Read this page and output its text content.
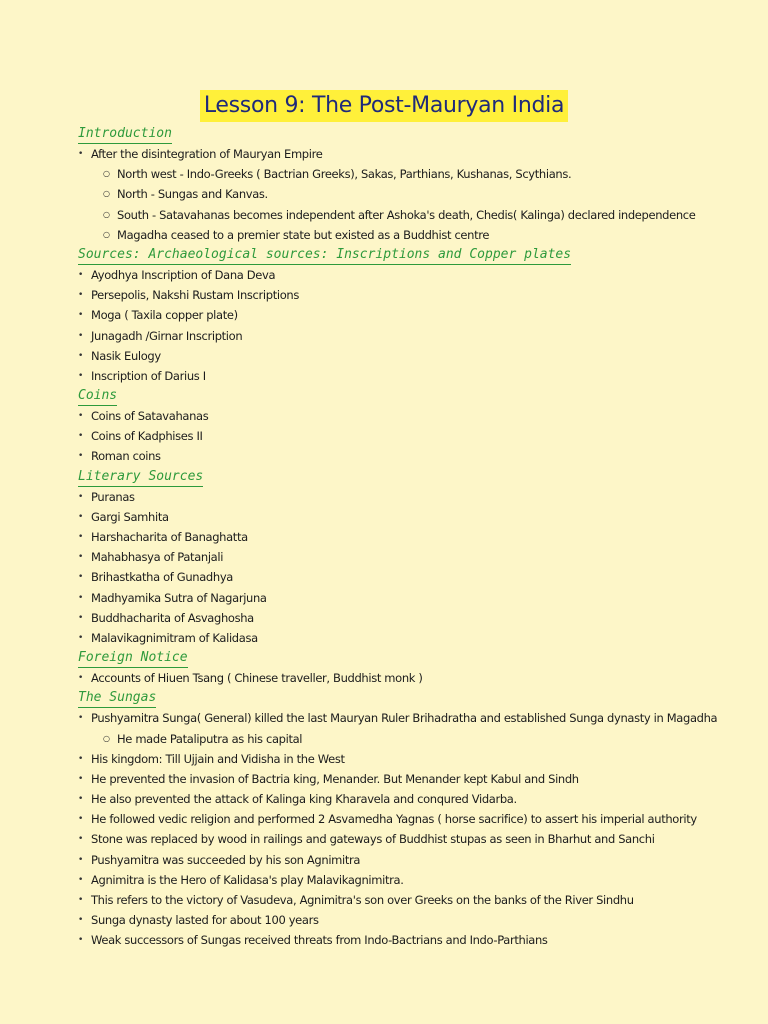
Lesson 9: The Post-Mauryan India
Introduction
• After the disintegration of Mauryan Empire
○ North west - Indo-Greeks ( Bactrian Greeks), Sakas, Parthians, Kushanas, Scythians.
○ North - Sungas and Kanvas.
○ South - Satavahanas becomes independent after Ashoka's death, Chedis( Kalinga) declared independence
○ Magadha ceased to a premier state but existed as a Buddhist centre
Sources: Archaeological sources: Inscriptions and Copper plates
• Ayodhya Inscription of Dana Deva
• Persepolis, Nakshi Rustam Inscriptions
• Moga ( Taxila copper plate)
• Junagadh /Girnar Inscription
• Nasik Eulogy
• Inscription of Darius I
Coins
• Coins of Satavahanas
• Coins of Kadphises II
• Roman coins
Literary Sources
• Puranas
• Gargi Samhita
• Harshacharita of Banaghatta
• Mahabhasya of Patanjali
• Brihastkatha of Gunadhya
• Madhyamika Sutra of Nagarjuna
• Buddhacharita of Asvaghosha
• Malavikagnimitram of Kalidasa
Foreign Notice
• Accounts of Hiuen Tsang ( Chinese traveller, Buddhist monk )
The Sungas
• Pushyamitra Sunga( General) killed the last Mauryan Ruler Brihadratha and established Sunga dynasty in Magadha
○ He made Pataliputra as his capital
• His kingdom: Till Ujjain and Vidisha in the West
• He prevented the invasion of Bactria king, Menander. But Menander kept Kabul and Sindh
• He also prevented the attack of Kalinga king Kharavela and conqured Vidarba.
• He followed vedic religion and performed 2 Asvamedha Yagnas ( horse sacrifice) to assert his imperial authority
• Stone was replaced by wood in railings and gateways of Buddhist stupas as seen in Bharhut and Sanchi
• Pushyamitra was succeeded by his son Agnimitra
• Agnimitra is the Hero of Kalidasa's play Malavikagnimitra.
• This refers to the victory of Vasudeva, Agnimitra's son over Greeks on the banks of the River Sindhu
• Sunga dynasty lasted for about 100 years
• Weak successors of Sungas received threats from Indo-Bactrians and Indo-Parthians
